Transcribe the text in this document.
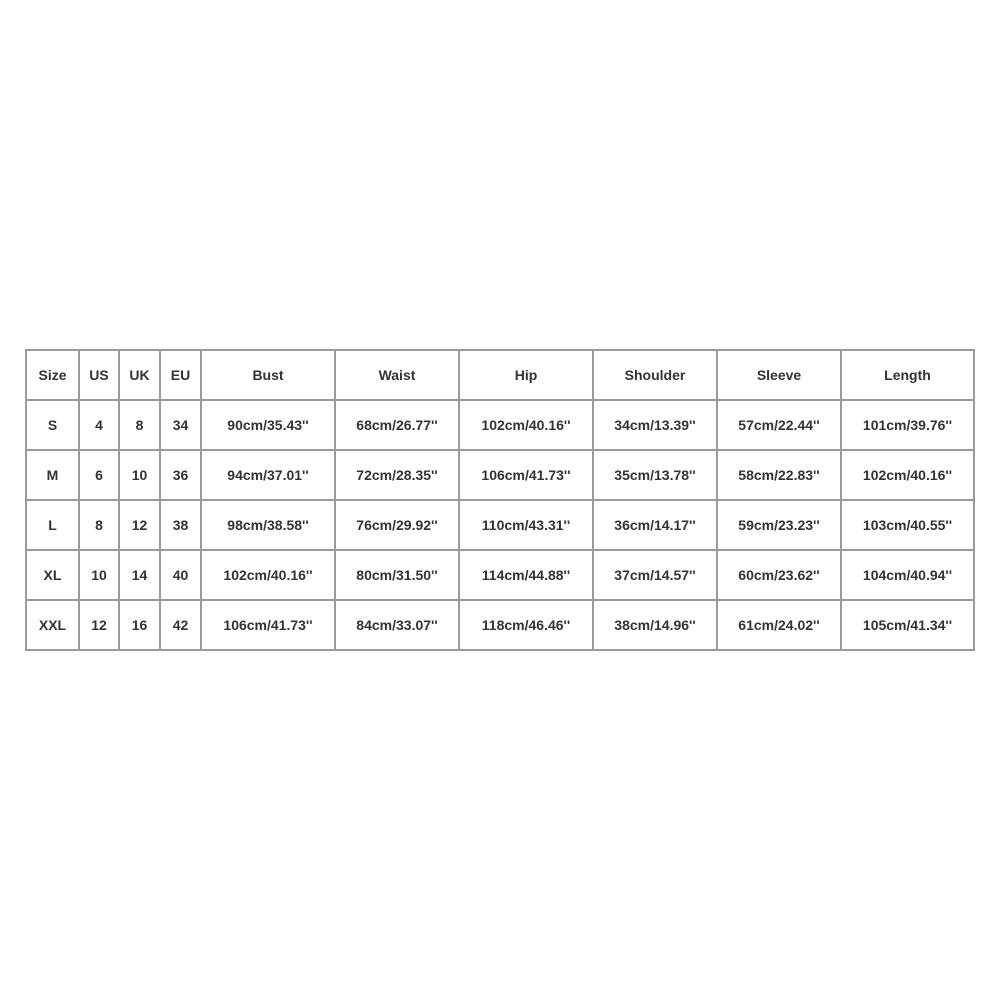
Size	US	UK	EU	Bust	Waist	Hip	Shoulder	Sleeve	Length
S	4	8	34	90cm/35.43''	68cm/26.77''	102cm/40.16''	34cm/13.39''	57cm/22.44''	101cm/39.76''
M	6	10	36	94cm/37.01''	72cm/28.35''	106cm/41.73''	35cm/13.78''	58cm/22.83''	102cm/40.16''
L	8	12	38	98cm/38.58''	76cm/29.92''	110cm/43.31''	36cm/14.17''	59cm/23.23''	103cm/40.55''
XL	10	14	40	102cm/40.16''	80cm/31.50''	114cm/44.88''	37cm/14.57''	60cm/23.62''	104cm/40.94''
XXL	12	16	42	106cm/41.73''	84cm/33.07''	118cm/46.46''	38cm/14.96''	61cm/24.02''	105cm/41.34''
